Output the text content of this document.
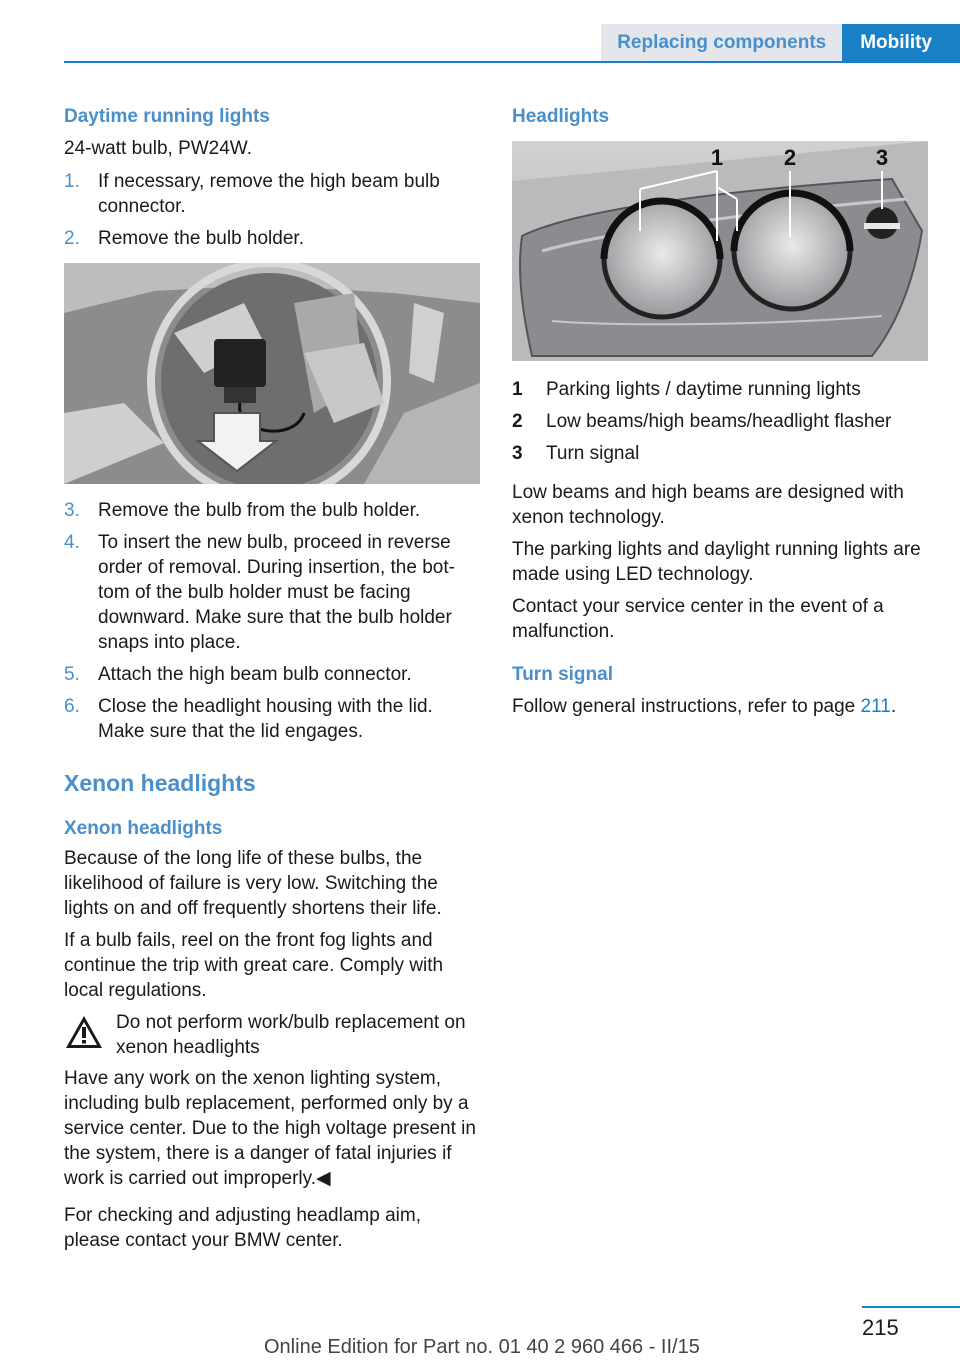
Replacing components	Mobility
Daytime running lights

24-watt bulb, PW24W.

1. If necessary, remove the high beam bulb connector.
2. Remove the bulb holder.
3. Remove the bulb from the bulb holder.
4. To insert the new bulb, proceed in reverse order of removal. During insertion, the bot‐tom of the bulb holder must be facing downward. Make sure that the bulb holder snaps into place.
5. Attach the high beam bulb connector.
6. Close the headlight housing with the lid. Make sure that the lid engages.
Xenon headlights
Xenon headlights

Because of the long life of these bulbs, the likelihood of failure is very low. Switching the lights on and off frequently shortens their life.

If a bulb fails, reel on the front fog lights and continue the trip with great care. Comply with local regulations.

Do not perform work/bulb replacement on xenon headlights

Have any work on the xenon lighting system, including bulb replacement, performed only by a service center. Due to the high voltage present in the system, there is a danger of fatal injuries if work is carried out improperly.◀

For checking and adjusting headlamp aim, please contact your BMW center.

Headlights
1	2	3
1	Parking lights / daytime running lights
2	Low beams/high beams/headlight flasher
3	Turn signal

Low beams and high beams are designed with xenon technology.

The parking lights and daylight running lights are made using LED technology.

Contact your service center in the event of a malfunction.

Turn signal

Follow general instructions, refer to page 211.

215
Online Edition for Part no. 01 40 2 960 466 - II/15
